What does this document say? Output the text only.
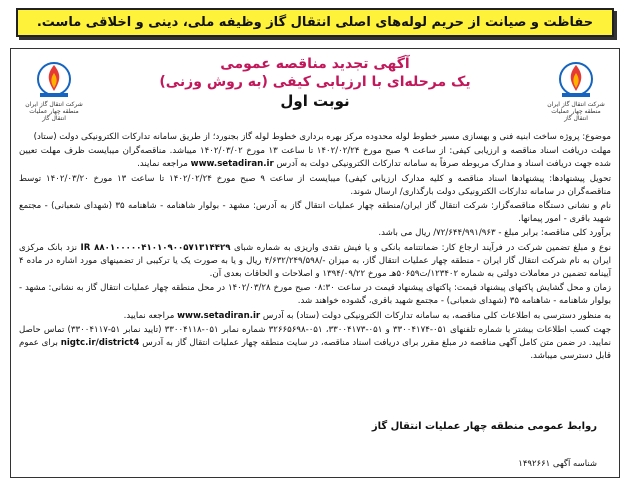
حفاظت و صیانت از حریم لوله‌های اصلی انتقال گاز وظیفه ملی، دینی و اخلاقی ماست.
شرکت انتقال گاز ایران
منطقه چهار عملیات انتقال گاز
شرکت انتقال گاز ایران
منطقه چهار عملیات انتقال گاز
آگهی تجدید مناقصه عمومی
یک مرحله‌ای با ارزیابی کیفی (به روش وزنی)
نوبت اول

موضوع: پروژه ساخت ابنیه فنی و بهسازی مسیر خطوط لوله محدوده مرکز بهره برداری خطوط لوله گاز بجنورد؛ از طریق سامانه تدارکات الکترونیکی دولت (ستاد)

مهلت دریافت اسناد مناقصه و ارزیابی کیفی: از ساعت ۹ صبح مورخ ۱۴۰۲/۰۲/۲۴ تا ساعت ۱۳ مورخ ۱۴۰۲/۰۳/۰۲ میباشد. مناقصه‌گران میبایست ظرف مهلت تعیین شده جهت دریافت اسناد و مدارک مربوطه صرفاً به سامانه تدارکات الکترونیکی دولت به آدرس www.setadiran.ir مراجعه نمایند.

تحویل پیشنهادها: پیشنهادها اسناد مناقصه و کلیه مدارک ارزیابی کیفی) میبایست از ساعت ۹ صبح مورخ ۱۴۰۲/۰۲/۲۴ تا ساعت ۱۳ مورخ ۱۴۰۲/۰۳/۲۰ توسط مناقصه‌گران در سامانه تدارکات الکترونیکی دولت بارگذاری/ ارسال شوند.

نام و نشانی دستگاه مناقصه‌گزار: شرکت انتقال گاز ایران/منطقه چهار عملیات انتقال گاز به آدرس: مشهد - بولوار شاهنامه - شاهنامه ۳۵ (شهدای شعبانی) - مجتمع شهید باقری - امور پیمانها.

برآورد کلی مناقصه: برابر مبلغ - ۷۲/۶۴۴/۹۹۱/۹۶۳/ ریال می باشد.

نوع و مبلغ تضمین شرکت در فرآیند ارجاع کار: ضمانتنامه بانکی و یا فیش نقدی واریزی به شماره شبای IR ۸۸۰۱۰۰۰۰۰۴۱۰۱۰۹۰۰۵۷۱۳۱۴۴۲۹ نزد بانک مرکزی ایران به نام شرکت انتقال گاز ایران - منطقه چهار عملیات انتقال گاز، به میزان -/۴/۶۳۲/۲۴۹/۵۹۸ ریال و یا به صورت یک یا ترکیبی از تضمینهای مورد اشاره در ماده ۴ آیینامه تضمین در معاملات دولتی به شماره ۱۲۳۴۰۲/ت۵۰۶۵۹هـ مورخ ۱۳۹۴/۰۹/۲۲ و اصلاحات و الحاقات بعدی آن.

زمان و محل گشایش پاکتهای پیشنهاد قیمت: پاکتهای پیشنهاد قیمت در ساعت ۰۸:۳۰ صبح مورخ ۱۴۰۲/۰۳/۲۸ در محل منطقه چهار عملیات انتقال گاز به نشانی: مشهد - بولوار شاهنامه - شاهنامه ۳۵ (شهدای شعبانی) - مجتمع شهید باقری، گشوده خواهند شد.

به منظور دسترسی به اطلاعات کلی مناقصه، به سامانه تدارکات الکترونیکی دولت (ستاد) به آدرس www.setadiran.ir مراجعه نمایید.

جهت کسب اطلاعات بیشتر با شماره تلفنهای ۰۵۱-۳۳۰۰۴۱۷۴ و ۰۵۱-۳۳۰۰۴۱۷۳، ۰۵۱-۳۲۶۶۵۶۹۸ شماره نمابر ۰۵۱-۳۳۰۰۴۱۱۸ (تایید نمابر ۵۱-۳۳۰۰۴۱۱۷) تماس حاصل نمایید. در ضمن متن کامل آگهی مناقصه در مبلغ مقرر برای دریافت اسناد مناقصه، در سایت منطقه چهار عملیات انتقال گاز به آدرس nigtc.ir/district4 برای عموم قابل دسترسی میباشد.

روابط عمومی منطقه چهار عملیات انتقال گاز
شناسه آگهی ۱۴۹۲۶۶۱
